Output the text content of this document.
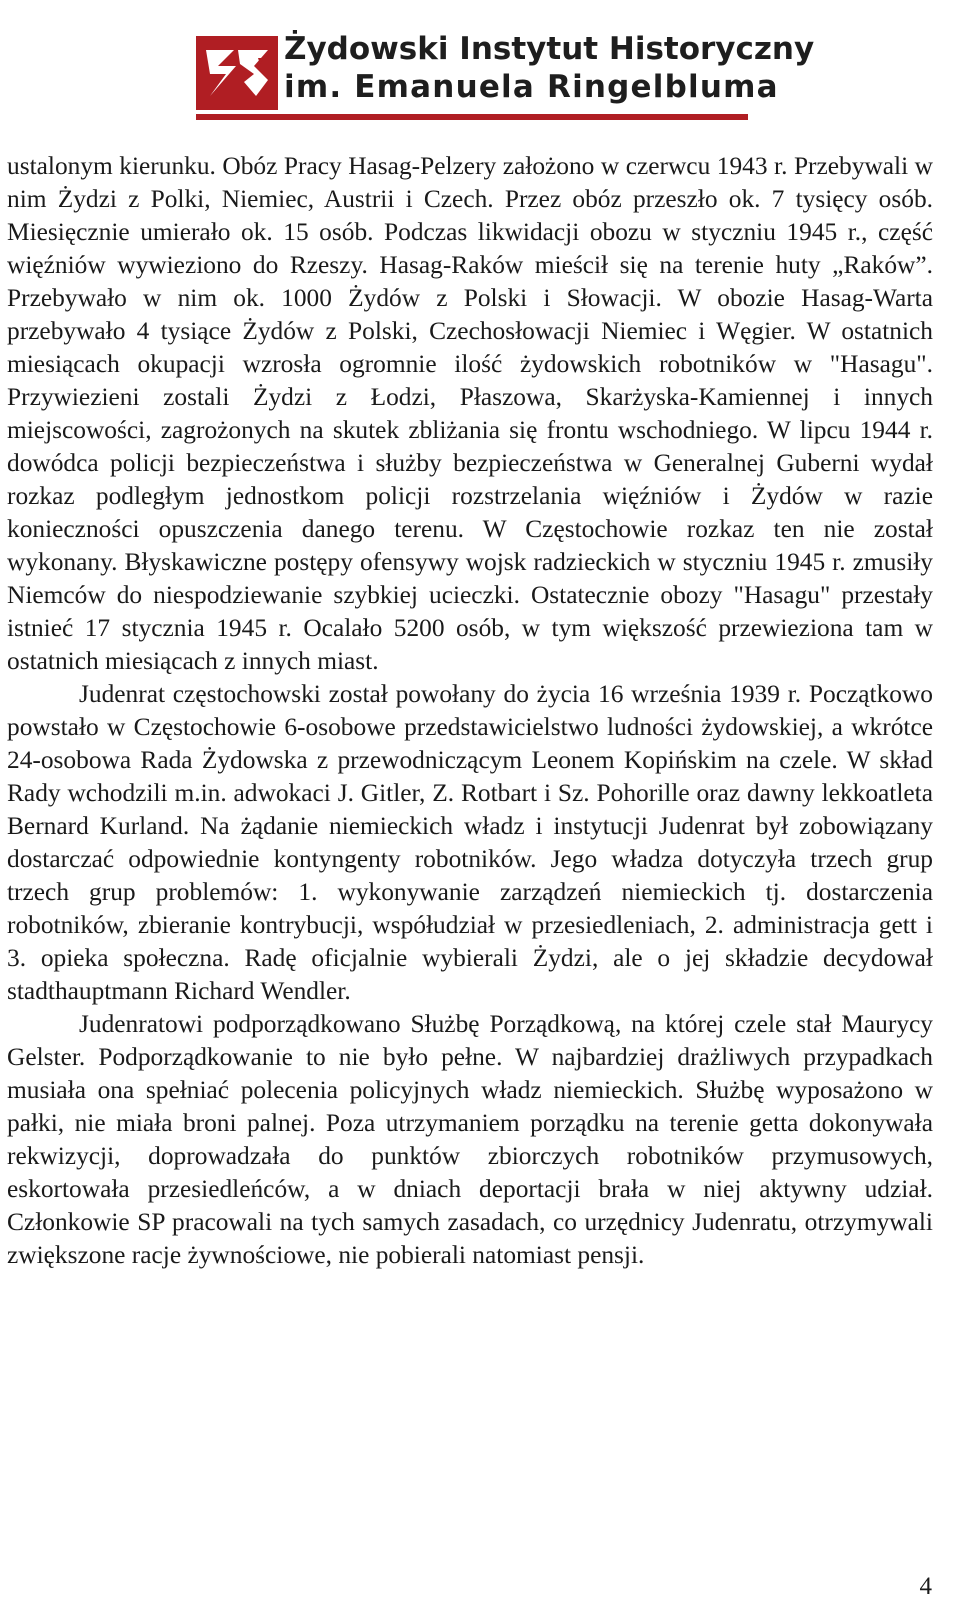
Żydowski Instytut Historyczny
im. Emanuela Ringelbluma

ustalonym kierunku. Obóz Pracy Hasag-Pelzery założono w czerwcu 1943 r. Przebywali w nim Żydzi z Polki, Niemiec, Austrii i Czech. Przez obóz przeszło ok. 7 tysięcy osób. Miesięcznie umierało ok. 15 osób. Podczas likwidacji obozu w styczniu 1945 r., część więźniów wywieziono do Rzeszy. Hasag-Raków mieścił się na terenie huty „Raków”. Przebywało w nim ok. 1000 Żydów z Polski i Słowacji. W obozie Hasag-Warta przebywało 4 tysiące Żydów z Polski, Czechosłowacji Niemiec i Węgier. W ostatnich miesiącach okupacji wzrosła ogromnie ilość żydowskich robotników w "Hasagu". Przywiezieni zostali Żydzi z Łodzi, Płaszowa, Skarżyska-Kamiennej i innych miejscowości, zagrożonych na skutek zbliżania się frontu wschodniego. W lipcu 1944 r. dowódca policji bezpieczeństwa i służby bezpieczeństwa w Generalnej Guberni wydał rozkaz podległym jednostkom policji rozstrzelania więźniów i Żydów w razie konieczności opuszczenia danego terenu. W Częstochowie rozkaz ten nie został wykonany. Błyskawiczne postępy ofensywy wojsk radzieckich w styczniu 1945 r. zmusiły Niemców do niespodziewanie szybkiej ucieczki. Ostatecznie obozy "Hasagu" przestały istnieć 17 stycznia 1945 r. Ocalało 5200 osób, w tym większość przewieziona tam w ostatnich miesiącach z innych miast.

Judenrat częstochowski został powołany do życia 16 września 1939 r. Początkowo powstało w Częstochowie 6-osobowe przedstawicielstwo ludności żydowskiej, a wkrótce 24-osobowa Rada Żydowska z przewodniczącym Leonem Kopińskim na czele. W skład Rady wchodzili m.in. adwokaci J. Gitler, Z. Rotbart i Sz. Pohorille oraz dawny lekkoatleta Bernard Kurland. Na żądanie niemieckich władz i instytucji Judenrat był zobowiązany dostarczać odpowiednie kontyngenty robotników. Jego władza dotyczyła trzech grup trzech grup problemów: 1. wykonywanie zarządzeń niemieckich tj. dostarczenia robotników, zbieranie kontrybucji, współudział w przesiedleniach, 2. administracja gett i 3. opieka społeczna. Radę oficjalnie wybierali Żydzi, ale o jej składzie decydował stadthauptmann Richard Wendler.

Judenratowi podporządkowano Służbę Porządkową, na której czele stał Maurycy Gelster. Podporządkowanie to nie było pełne. W najbardziej drażliwych przypadkach musiała ona spełniać polecenia policyjnych władz niemieckich. Służbę wyposażono w pałki, nie miała broni palnej. Poza utrzymaniem porządku na terenie getta dokonywała rekwizycji, doprowadzała do punktów zbiorczych robotników przymusowych, eskortowała przesiedleńców, a w dniach deportacji brała w niej aktywny udział. Członkowie SP pracowali na tych samych zasadach, co urzędnicy Judenratu, otrzymywali zwiększone racje żywnościowe, nie pobierali natomiast pensji.

4
